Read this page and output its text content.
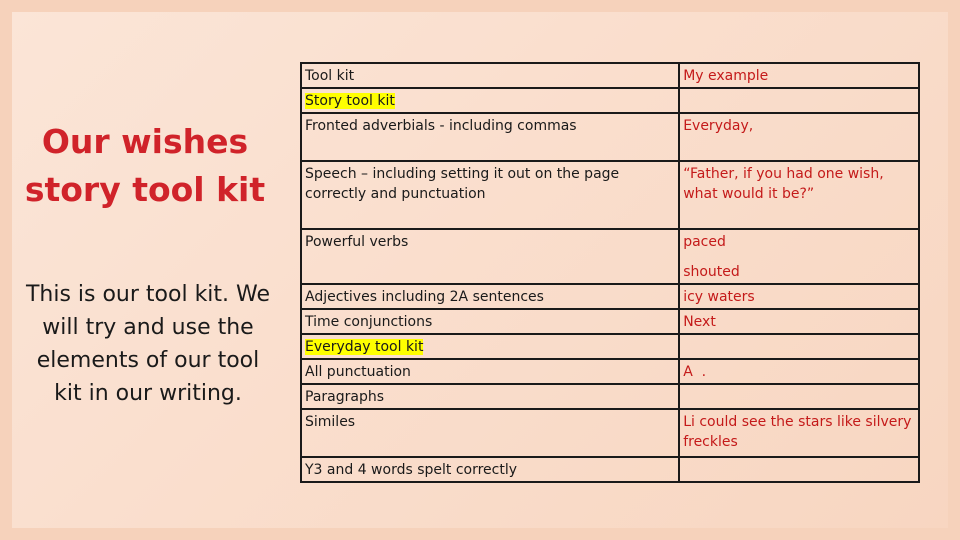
Our wishes
story tool kit
This is our tool kit. We will try and use the elements of our tool kit in our writing.
Tool kit	My example
Story tool kit	
Fronted adverbials - including commas	Everyday,
Speech – including setting it out on the page correctly and punctuation	“Father, if you had one wish, what would it be?”
Powerful verbs	paced
shouted

Adjectives including 2A sentences	icy waters
Time conjunctions	Next
Everyday tool kit	
All punctuation	A  .
Paragraphs	
Similes	Li could see the stars like silvery freckles
Y3 and 4 words spelt correctly	
